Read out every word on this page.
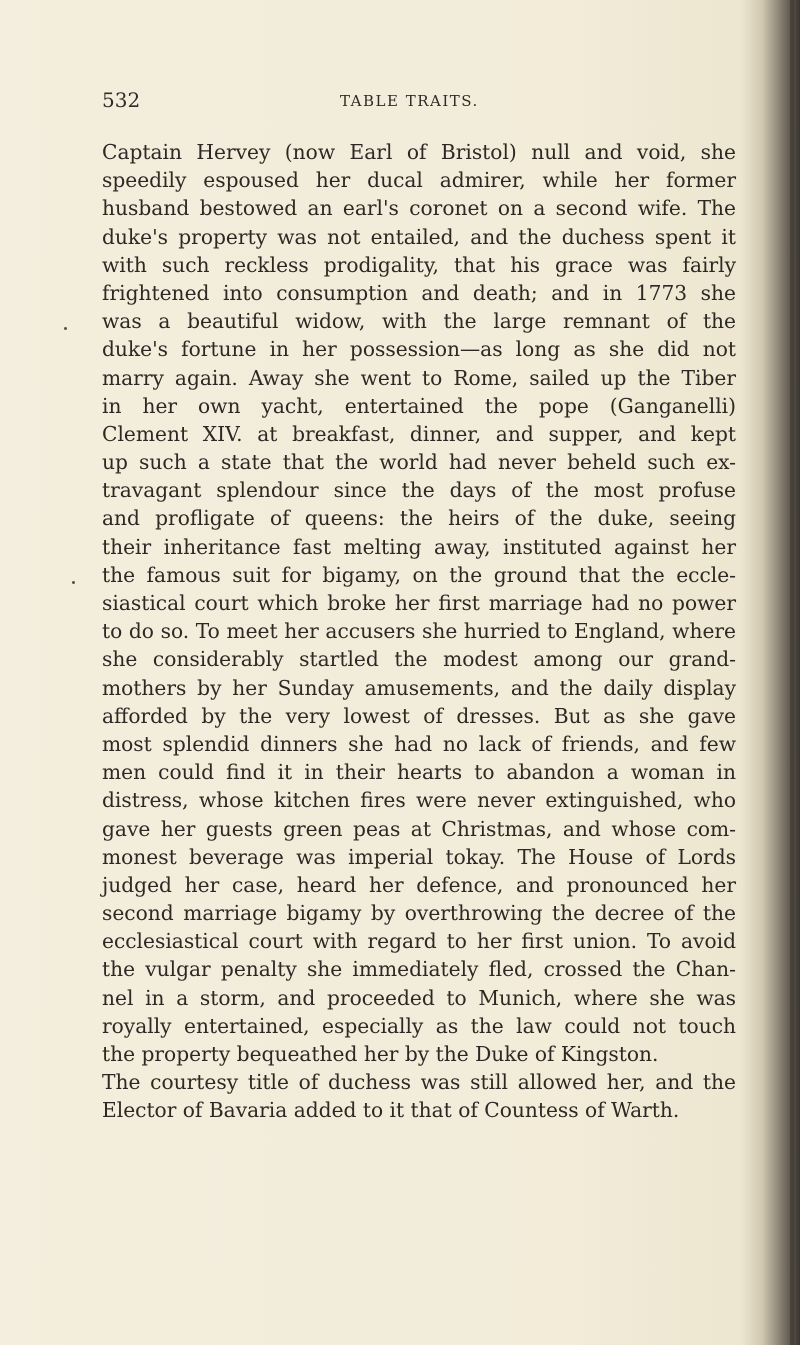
532	TABLE TRAITS.
Captain Hervey (now Earl of Bristol) null and void, she
speedily espoused her ducal admirer, while her former
husband bestowed an earl's coronet on a second wife. The
duke's property was not entailed, and the duchess spent it
with such reckless prodigality, that his grace was fairly
frightened into consumption and death; and in 1773 she
was a beautiful widow, with the large remnant of the
duke's fortune in her possession—as long as she did not
marry again. Away she went to Rome, sailed up the Tiber
in her own yacht, entertained the pope (Ganganelli)
Clement XIV. at breakfast, dinner, and supper, and kept
up such a state that the world had never beheld such ex-
travagant splendour since the days of the most profuse
and profligate of queens: the heirs of the duke, seeing
their inheritance fast melting away, instituted against her
the famous suit for bigamy, on the ground that the eccle-
siastical court which broke her first marriage had no power
to do so. To meet her accusers she hurried to England, where
she considerably startled the modest among our grand-
mothers by her Sunday amusements, and the daily display
afforded by the very lowest of dresses. But as she gave
most splendid dinners she had no lack of friends, and few
men could find it in their hearts to abandon a woman in
distress, whose kitchen fires were never extinguished, who
gave her guests green peas at Christmas, and whose com-
monest beverage was imperial tokay. The House of Lords
judged her case, heard her defence, and pronounced her
second marriage bigamy by overthrowing the decree of the
ecclesiastical court with regard to her first union. To avoid
the vulgar penalty she immediately fled, crossed the Chan-
nel in a storm, and proceeded to Munich, where she was
royally entertained, especially as the law could not touch
the property bequeathed her by the Duke of Kingston.
The courtesy title of duchess was still allowed her, and the
Elector of Bavaria added to it that of Countess of Warth.
